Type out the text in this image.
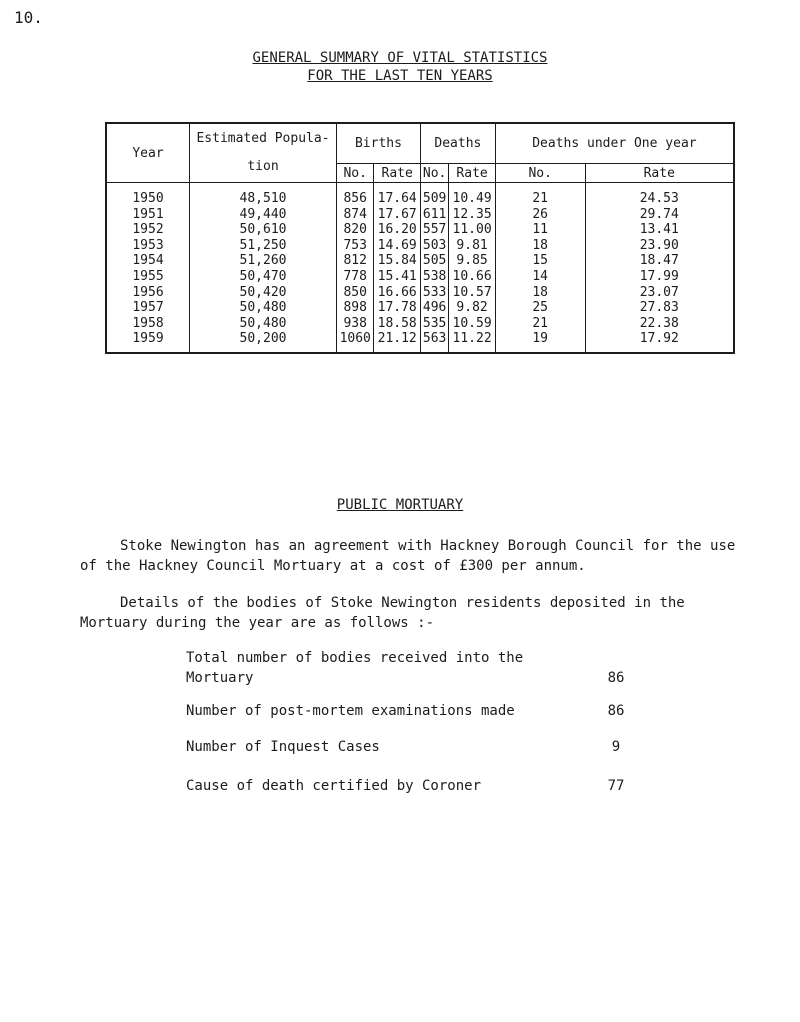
10.
GENERAL SUMMARY OF VITAL STATISTICS
FOR THE LAST TEN YEARS
Year	Estimated Popula- tion	Births		Deaths		Deaths under One year	
		No.	Rate	No.	Rate	No.	Rate
1950	48,510	856	17.64	509	10.49	21	24.53
1951	49,440	874	17.67	611	12.35	26	29.74
1952	50,610	820	16.20	557	11.00	11	13.41
1953	51,250	753	14.69	503	9.81	18	23.90
1954	51,260	812	15.84	505	9.85	15	18.47
1955	50,470	778	15.41	538	10.66	14	17.99
1956	50,420	850	16.66	533	10.57	18	23.07
1957	50,480	898	17.78	496	9.82	25	27.83
1958	50,480	938	18.58	535	10.59	21	22.38
1959	50,200	1060	21.12	563	11.22	19	17.92
PUBLIC MORTUARY
Stoke Newington has an agreement with Hackney Borough Council for the use of the Hackney Council Mortuary at a cost of £300 per annum.
Details of the bodies of Stoke Newington residents deposited in the Mortuary during the year are as follows :-
Total number of bodies received into the Mortuary	86
Number of post-mortem examinations made	86
Number of Inquest Cases	9
Cause of death certified by Coroner	77
